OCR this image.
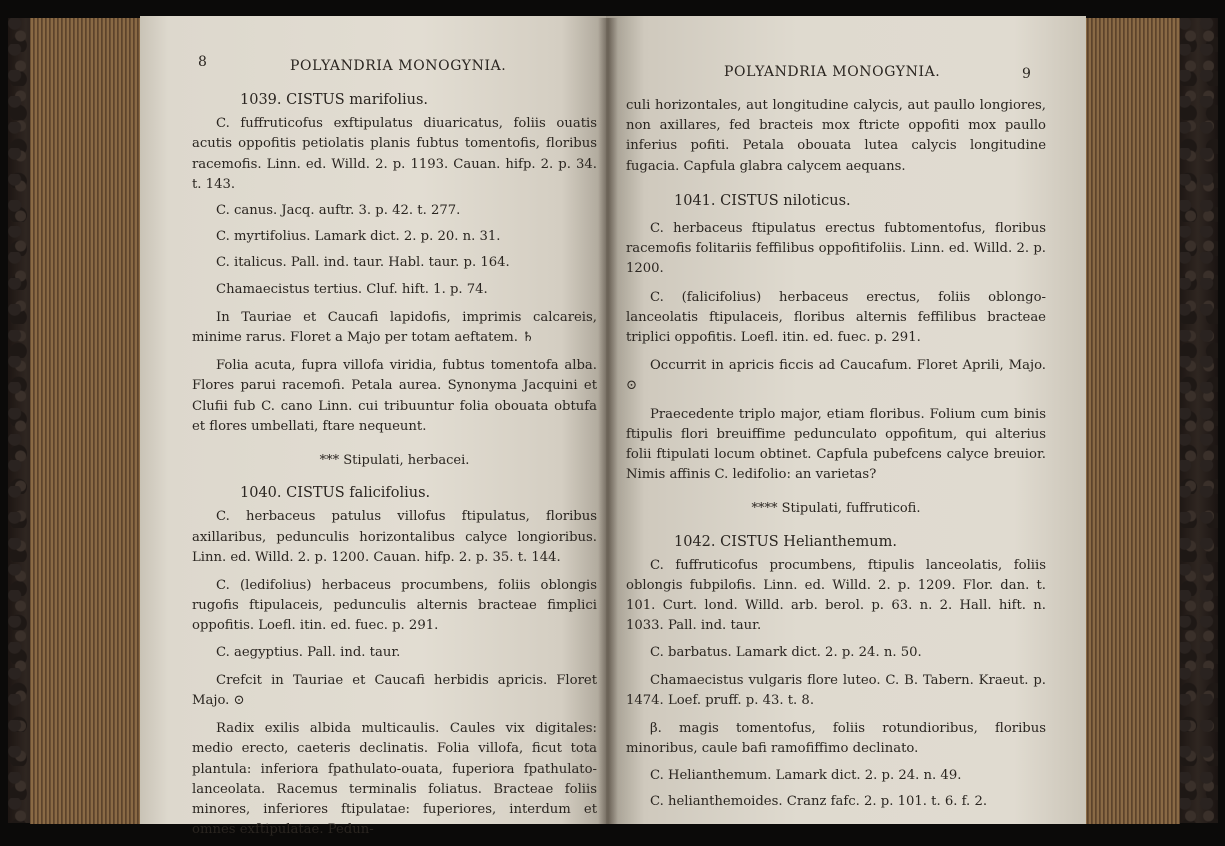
8	POLYANDRIA MONOGYNIA.

1039. CISTUS marifolius.

C. fuffruticofus exftipulatus diuaricatus, foliis ouatis acutis oppofitis petiolatis planis fubtus tomentofis, floribus racemofis. Linn. ed. Willd. 2. p. 1193. Cauan. hifp. 2. p. 34. t. 143.

C. canus. Jacq. auftr. 3. p. 42. t. 277.

C. myrtifolius. Lamark dict. 2. p. 20. n. 31.

C. italicus. Pall. ind. taur. Habl. taur. p. 164.

Chamaecistus tertius. Cluf. hift. 1. p. 74.

In Tauriae et Caucafi lapidofis, imprimis calcareis, minime rarus. Floret a Majo per totam aeftatem. ♄

Folia acuta, fupra villofa viridia, fubtus tomentofa alba. Flores parui racemofi. Petala aurea. Synonyma Jacquini et Clufii fub C. cano Linn. cui tribuuntur folia obouata obtufa et flores umbellati, ftare nequeunt.

*** Stipulati, herbacei.

1040. CISTUS falicifolius.

C. herbaceus patulus villofus ftipulatus, floribus axillaribus, pedunculis horizontalibus calyce longioribus. Linn. ed. Willd. 2. p. 1200. Cauan. hifp. 2. p. 35. t. 144.

C. (ledifolius) herbaceus procumbens, foliis oblongis rugofis ftipulaceis, pedunculis alternis bracteae fimplici oppofitis. Loefl. itin. ed. fuec. p. 291.

C. aegyptius. Pall. ind. taur.

Crefcit in Tauriae et Caucafi herbidis apricis. Floret Majo. ⊙

Radix exilis albida multicaulis. Caules vix digitales: medio erecto, caeteris declinatis. Folia villofa, ficut tota plantula: inferiora fpathulato-ouata, fuperiora fpathulato-lanceolata. Racemus terminalis foliatus. Bracteae foliis minores, inferiores ftipulatae: fuperiores, interdum et omnes exftipulatae. Pedun-

POLYANDRIA MONOGYNIA.	9

culi horizontales, aut longitudine calycis, aut paullo longiores, non axillares, fed bracteis mox ftricte oppofiti mox paullo inferius pofiti. Petala obouata lutea calycis longitudine fugacia. Capfula glabra calycem aequans.

1041. CISTUS niloticus.

C. herbaceus ftipulatus erectus fubtomentofus, floribus racemofis folitariis feffilibus oppofitifoliis. Linn. ed. Willd. 2. p. 1200.

C. (falicifolius) herbaceus erectus, foliis oblongo-lanceolatis ftipulaceis, floribus alternis feffilibus bracteae triplici oppofitis. Loefl. itin. ed. fuec. p. 291.

Occurrit in apricis ficcis ad Caucafum. Floret Aprili, Majo. ⊙

Praecedente triplo major, etiam floribus. Folium cum binis ftipulis flori breuiffime pedunculato oppofitum, qui alterius folii ftipulati locum obtinet. Capfula pubefcens calyce breuior. Nimis affinis C. ledifolio: an varietas?

**** Stipulati, fuffruticofi.

1042. CISTUS Helianthemum.

C. fuffruticofus procumbens, ftipulis lanceolatis, foliis oblongis fubpilofis. Linn. ed. Willd. 2. p. 1209. Flor. dan. t. 101. Curt. lond. Willd. arb. berol. p. 63. n. 2. Hall. hift. n. 1033. Pall. ind. taur.

C. barbatus. Lamark dict. 2. p. 24. n. 50.

Chamaecistus vulgaris flore luteo. C. B. Tabern. Kraeut. p. 1474. Loef. pruff. p. 43. t. 8.

β. magis tomentofus, foliis rotundioribus, floribus minoribus, caule bafi ramofiffimo declinato.

C. Helianthemum. Lamark dict. 2. p. 24. n. 49.

C. helianthemoides. Cranz fafc. 2. p. 101. t. 6. f. 2.
